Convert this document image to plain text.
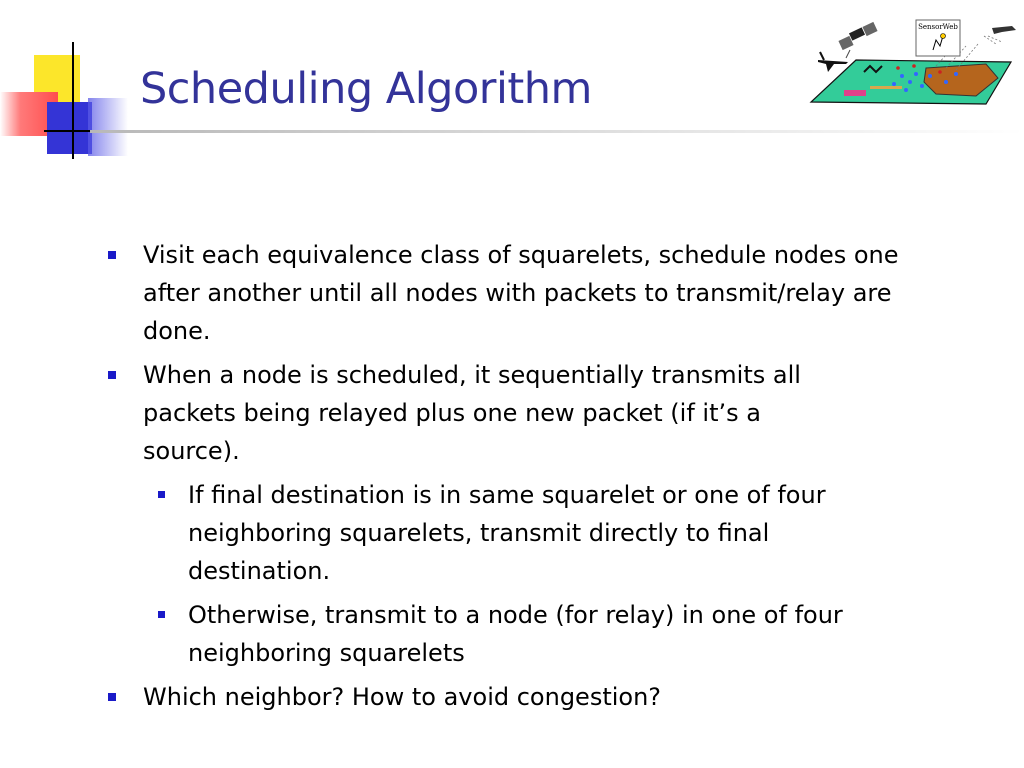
Scheduling Algorithm
SensorWeb
Visit each equivalence class of squarelets, schedule nodes one after another until all nodes with packets to transmit/relay are done.
When a node is scheduled, it sequentially transmits all packets being relayed plus one new packet (if it’s a source).
If final destination is in same squarelet or one of four neighboring squarelets, transmit directly to final destination.
Otherwise, transmit to a node (for relay) in one of four neighboring squarelets
Which neighbor? How to avoid congestion?
